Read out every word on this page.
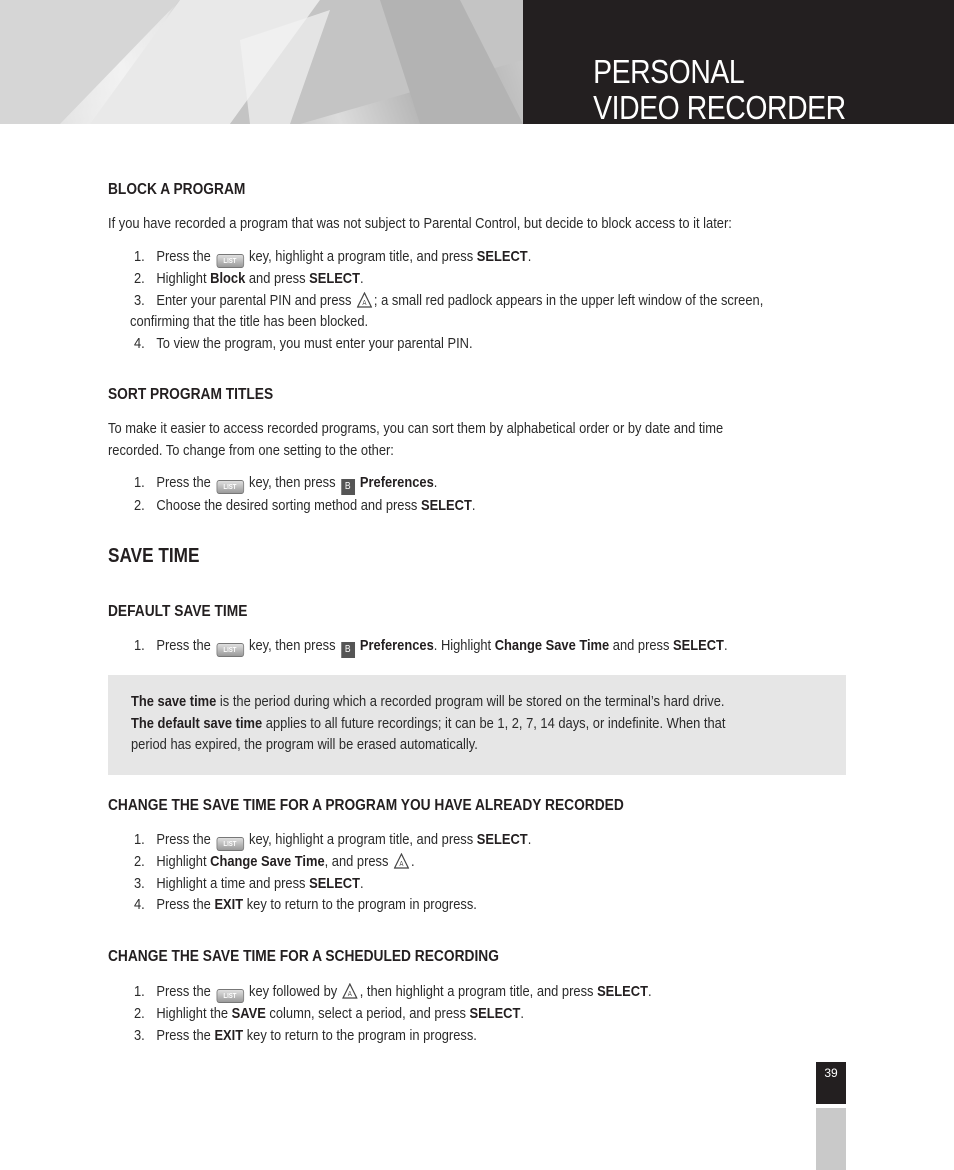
PERSONAL
VIDEO RECORDER
BLOCK A PROGRAM
If you have recorded a program that was not subject to Parental Control, but decide to block access to it later:
1. Press the LIST key, highlight a program title, and press SELECT.
2. Highlight Block and press SELECT.
3. Enter your parental PIN and press A ; a small red padlock appears in the upper left window of the screen,
confirming that the title has been blocked.
4. To view the program, you must enter your parental PIN.
SORT PROGRAM TITLES
To make it easier to access recorded programs, you can sort them by alphabetical order or by date and time
recorded. To change from one setting to the other:
1. Press the LIST key, then press B Preferences.
2. Choose the desired sorting method and press SELECT.
SAVE TIME
DEFAULT SAVE TIME
1. Press the LIST key, then press B Preferences. Highlight Change Save Time and press SELECT.
The save time is the period during which a recorded program will be stored on the terminal’s hard drive.
The default save time applies to all future recordings; it can be 1, 2, 7, 14 days, or indefinite. When that
period has expired, the program will be erased automatically.
CHANGE THE SAVE TIME FOR A PROGRAM YOU HAVE ALREADY RECORDED
1. Press the LIST key, highlight a program title, and press SELECT.
2. Highlight Change Save Time, and press A .
3. Highlight a time and press SELECT.
4. Press the EXIT key to return to the program in progress.
CHANGE THE SAVE TIME FOR A SCHEDULED RECORDING
1. Press the LIST key followed by A , then highlight a program title, and press SELECT.
2. Highlight the SAVE column, select a period, and press SELECT.
3. Press the EXIT key to return to the program in progress.
39
